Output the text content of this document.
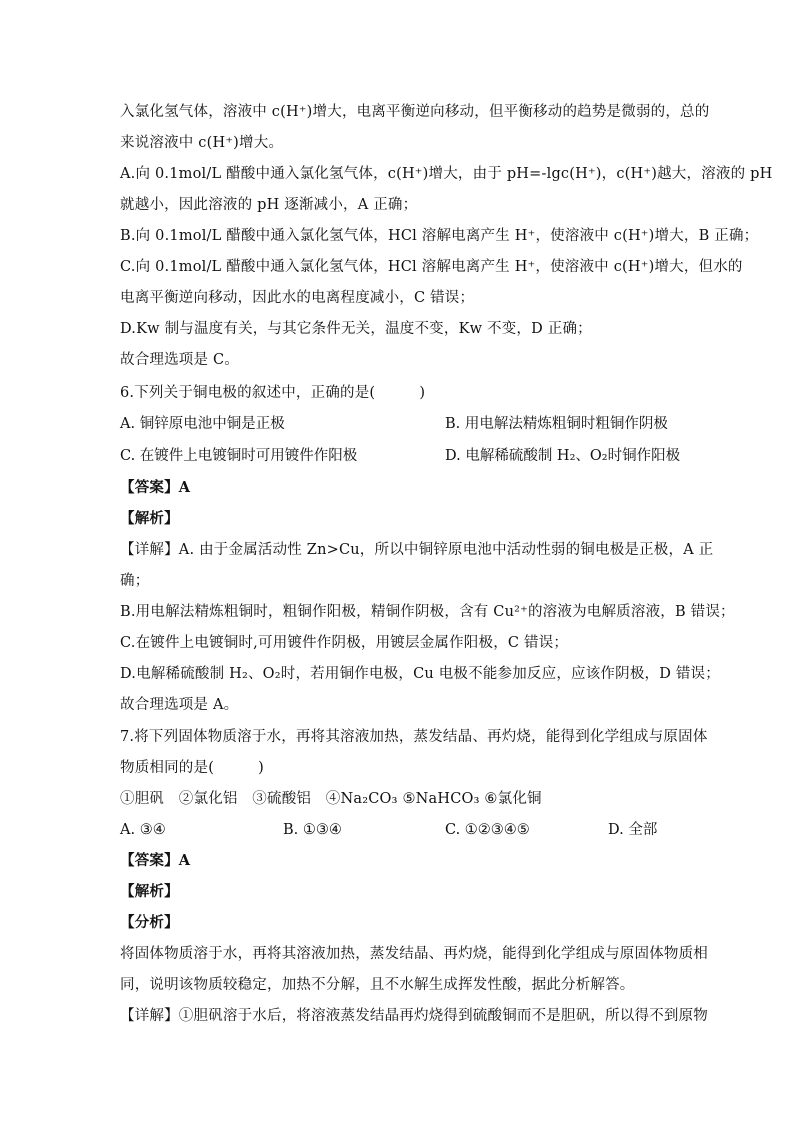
入氯化氢气体，溶液中 c(H⁺)增大，电离平衡逆向移动，但平衡移动的趋势是微弱的，总的
来说溶液中 c(H⁺)增大。
A.向 0.1mol/L 醋酸中通入氯化氢气体，c(H⁺)增大，由于 pH=-lgc(H⁺)，c(H⁺)越大，溶液的 pH
就越小，因此溶液的 pH 逐渐减小，A 正确；
B.向 0.1mol/L 醋酸中通入氯化氢气体，HCl 溶解电离产生 H⁺，使溶液中 c(H⁺)增大，B 正确；
C.向 0.1mol/L 醋酸中通入氯化氢气体，HCl 溶解电离产生 H⁺，使溶液中 c(H⁺)增大，但水的
电离平衡逆向移动，因此水的电离程度减小，C 错误；
D.Kw 制与温度有关，与其它条件无关，温度不变，Kw 不变，D 正确；
故合理选项是 C。
6.下列关于铜电极的叙述中，正确的是(　　　)
A. 铜锌原电池中铜是正极	B. 用电解法精炼粗铜时粗铜作阴极
C. 在镀件上电镀铜时可用镀件作阳极	D. 电解稀硫酸制 H₂、O₂时铜作阳极
【答案】A
【解析】
【详解】A. 由于金属活动性 Zn>Cu，所以中铜锌原电池中活动性弱的铜电极是正极，A 正
确；
B.用电解法精炼粗铜时，粗铜作阳极，精铜作阴极，含有 Cu²⁺的溶液为电解质溶液，B 错误；
C.在镀件上电镀铜时,可用镀件作阴极，用镀层金属作阳极，C 错误；
D.电解稀硫酸制 H₂、O₂时，若用铜作电极，Cu 电极不能参加反应，应该作阴极，D 错误；
故合理选项是 A。
7.将下列固体物质溶于水，再将其溶液加热，蒸发结晶、再灼烧，能得到化学组成与原固体
物质相同的是(　　　)
①胆矾　②氯化铝　③硫酸铝　④Na₂CO₃ ⑤NaHCO₃ ⑥氯化铜
A. ③④	B. ①③④	C. ①②③④⑤	D. 全部
【答案】A
【解析】
【分析】
将固体物质溶于水，再将其溶液加热，蒸发结晶、再灼烧，能得到化学组成与原固体物质相
同，说明该物质较稳定，加热不分解，且不水解生成挥发性酸，据此分析解答。
【详解】①胆矾溶于水后，将溶液蒸发结晶再灼烧得到硫酸铜而不是胆矾，所以得不到原物
